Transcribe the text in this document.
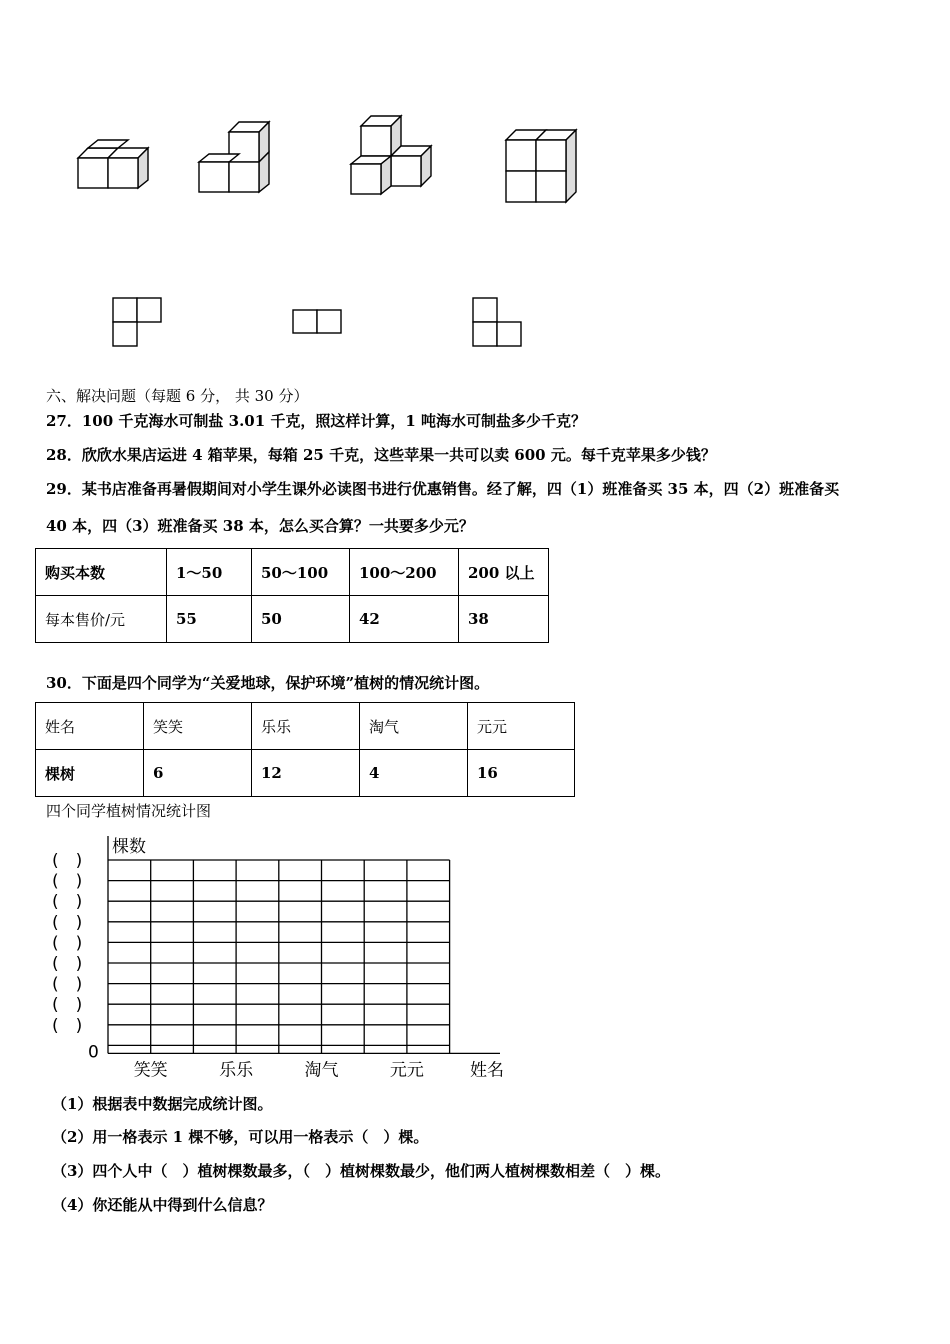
六、解决问题（每题 6 分， 共 30 分）
27．100 千克海水可制盐 3.01 千克，照这样计算，1 吨海水可制盐多少千克？
28．欣欣水果店运进 4 箱苹果，每箱 25 千克，这些苹果一共可以卖 600 元。每千克苹果多少钱？
29．某书店准备再暑假期间对小学生课外必读图书进行优惠销售。经了解，四（1）班准备买 35 本，四（2）班准备买
40 本，四（3）班准备买 38 本，怎么买合算？一共要多少元？
购买本数	1～50	50～100	100～200	200 以上
每本售价/元	55	50	42	38
30．下面是四个同学为“关爱地球，保护环境”植树的情况统计图。
姓名	笑笑	乐乐	淘气	元元
棵树	6	12	4	16
四个同学植树情况统计图
(　)
(　)
(　)
(　)
(　)
(　)
(　)
(　)
(　)
笑笑	乐乐	淘气	元元
棵数
姓名
0
（1）根据表中数据完成统计图。
（2）用一格表示 1 棵不够，可以用一格表示（　）棵。
（3）四个人中（　）植树棵数最多，（　）植树棵数最少，他们两人植树棵数相差（　）棵。
（4）你还能从中得到什么信息？
